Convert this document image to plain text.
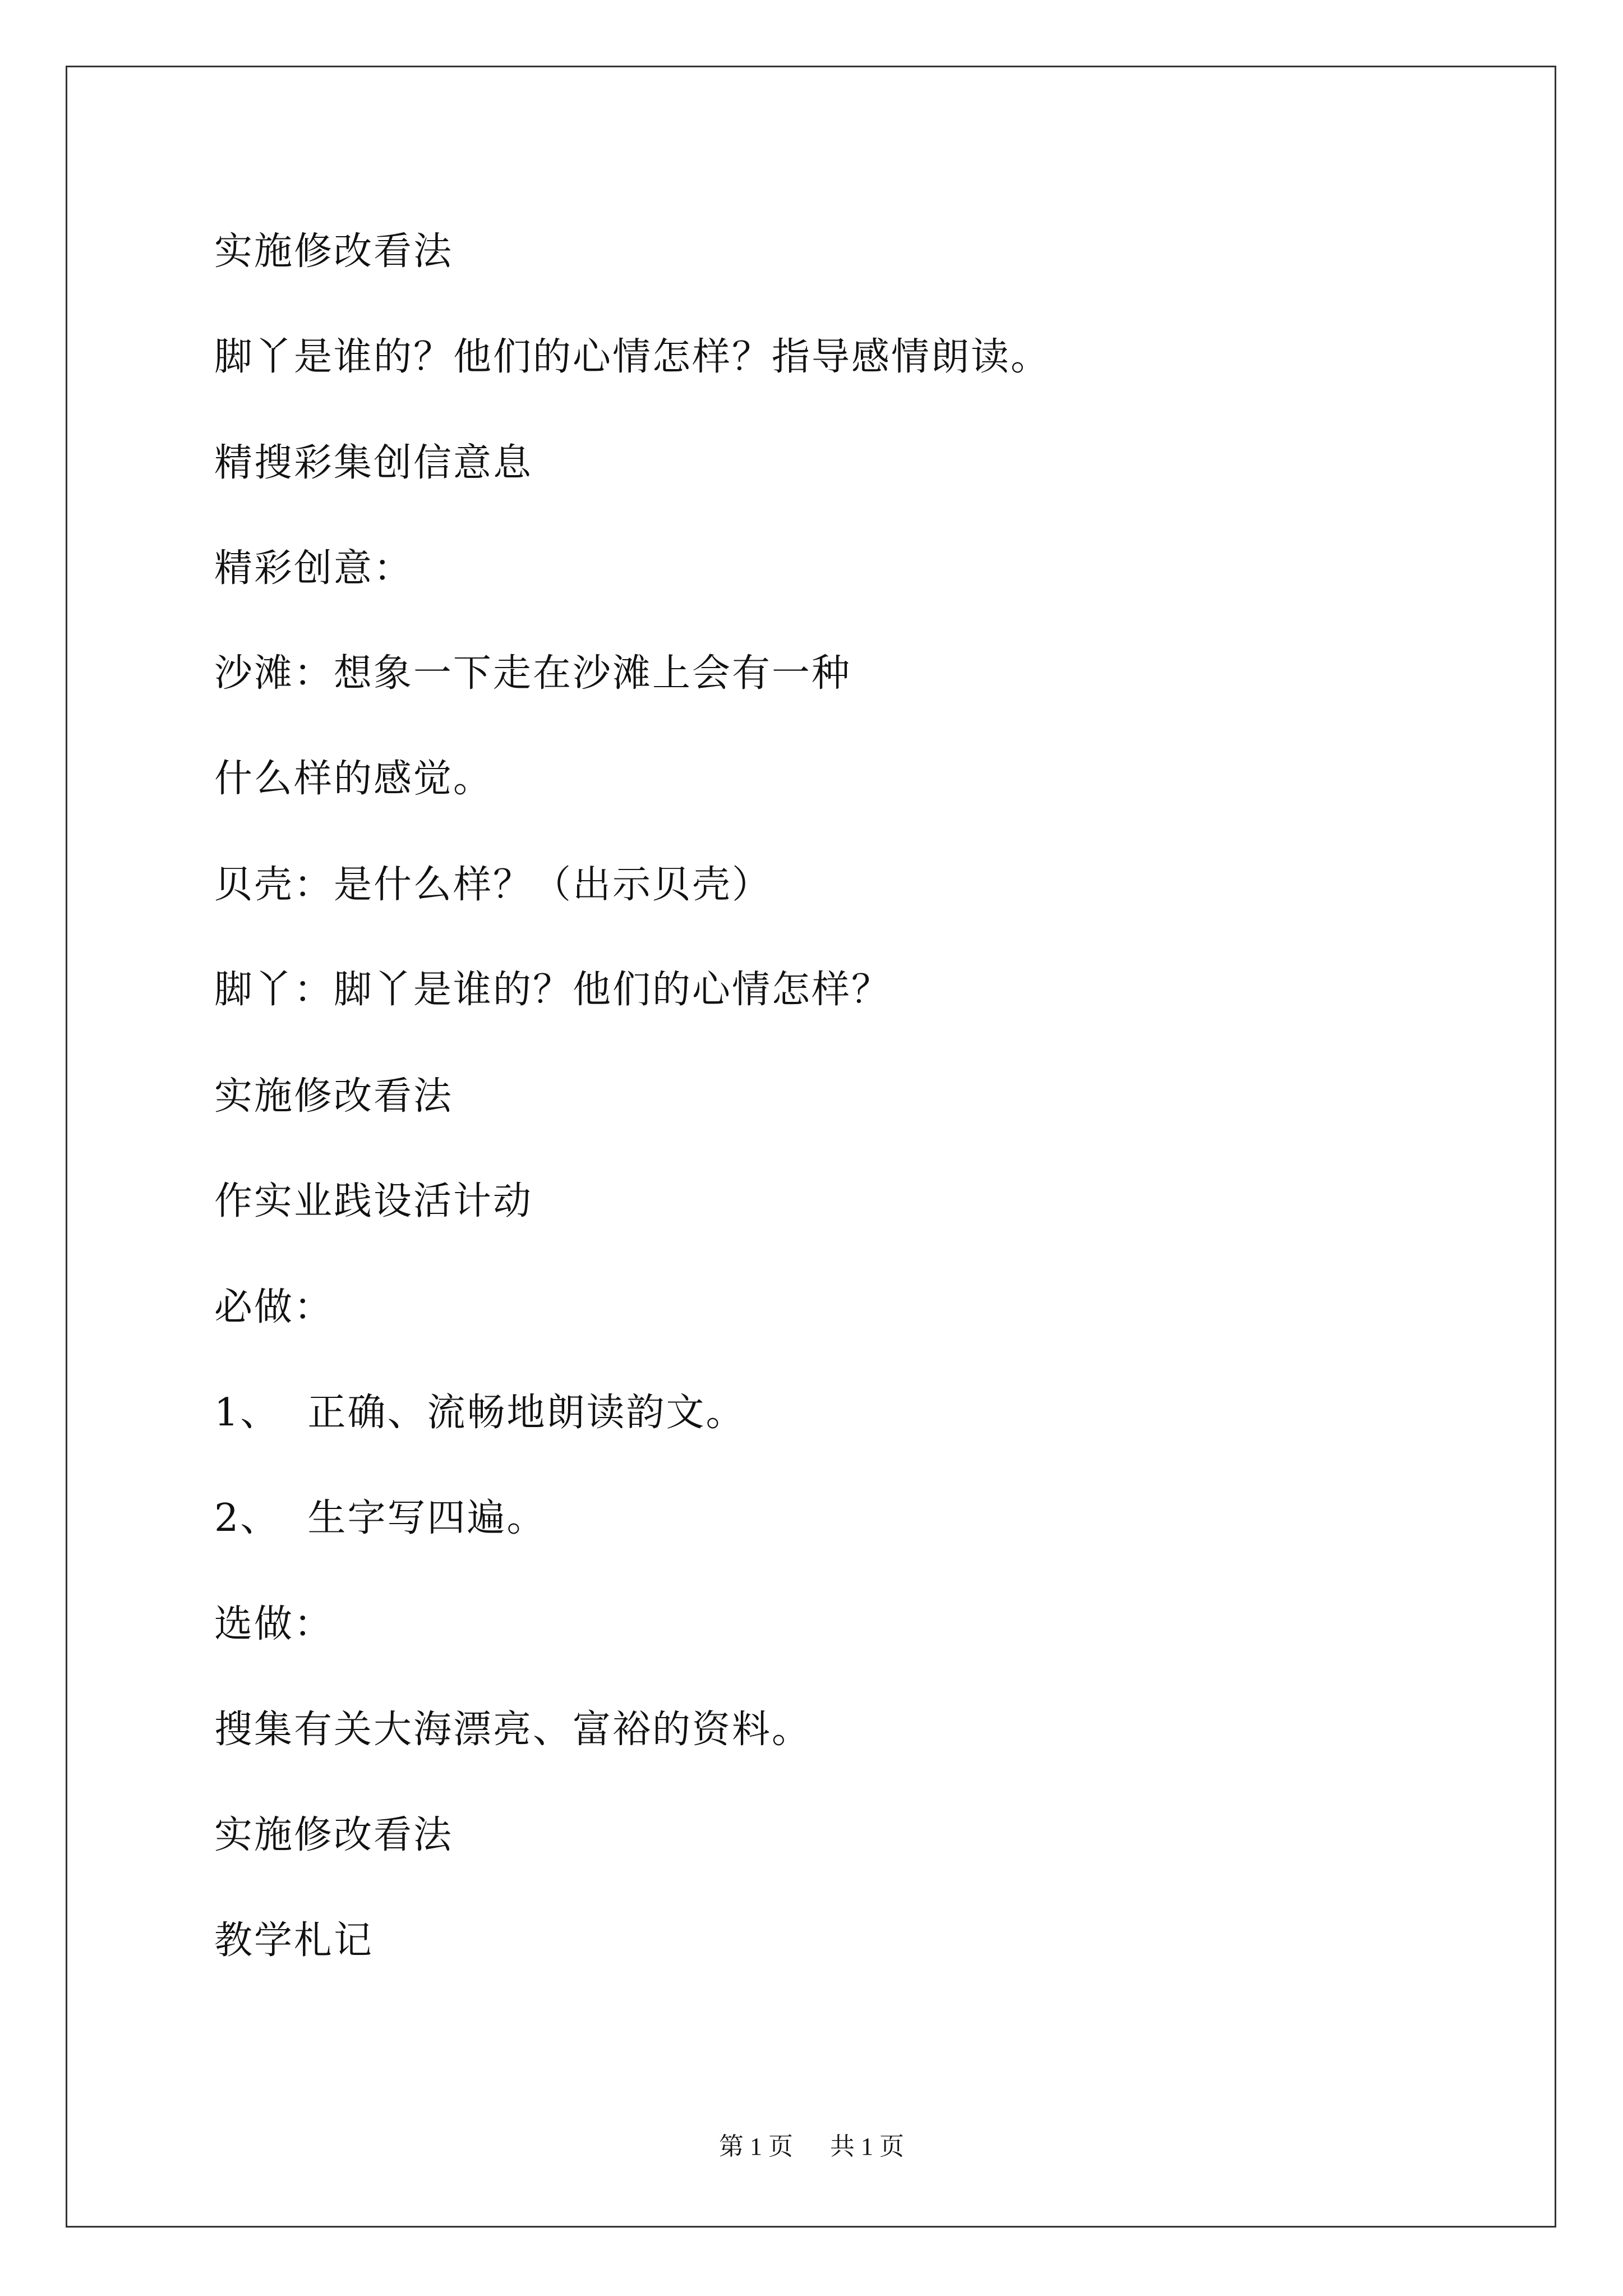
实施修改看法
脚丫是谁的？他们的心情怎样？指导感情朗读。
精搜彩集创信意息
精彩创意：
沙滩：想象一下走在沙滩上会有一种
什么样的感觉。
贝壳：是什么样？（出示贝壳）
脚丫：脚丫是谁的？他们的心情怎样？
实施修改看法
作实业践设活计动
必做：
1、  正确、流畅地朗读韵文。
2、  生字写四遍。
选做：
搜集有关大海漂亮、富裕的资料。
实施修改看法
教学札记
第 1 页 共 1 页
